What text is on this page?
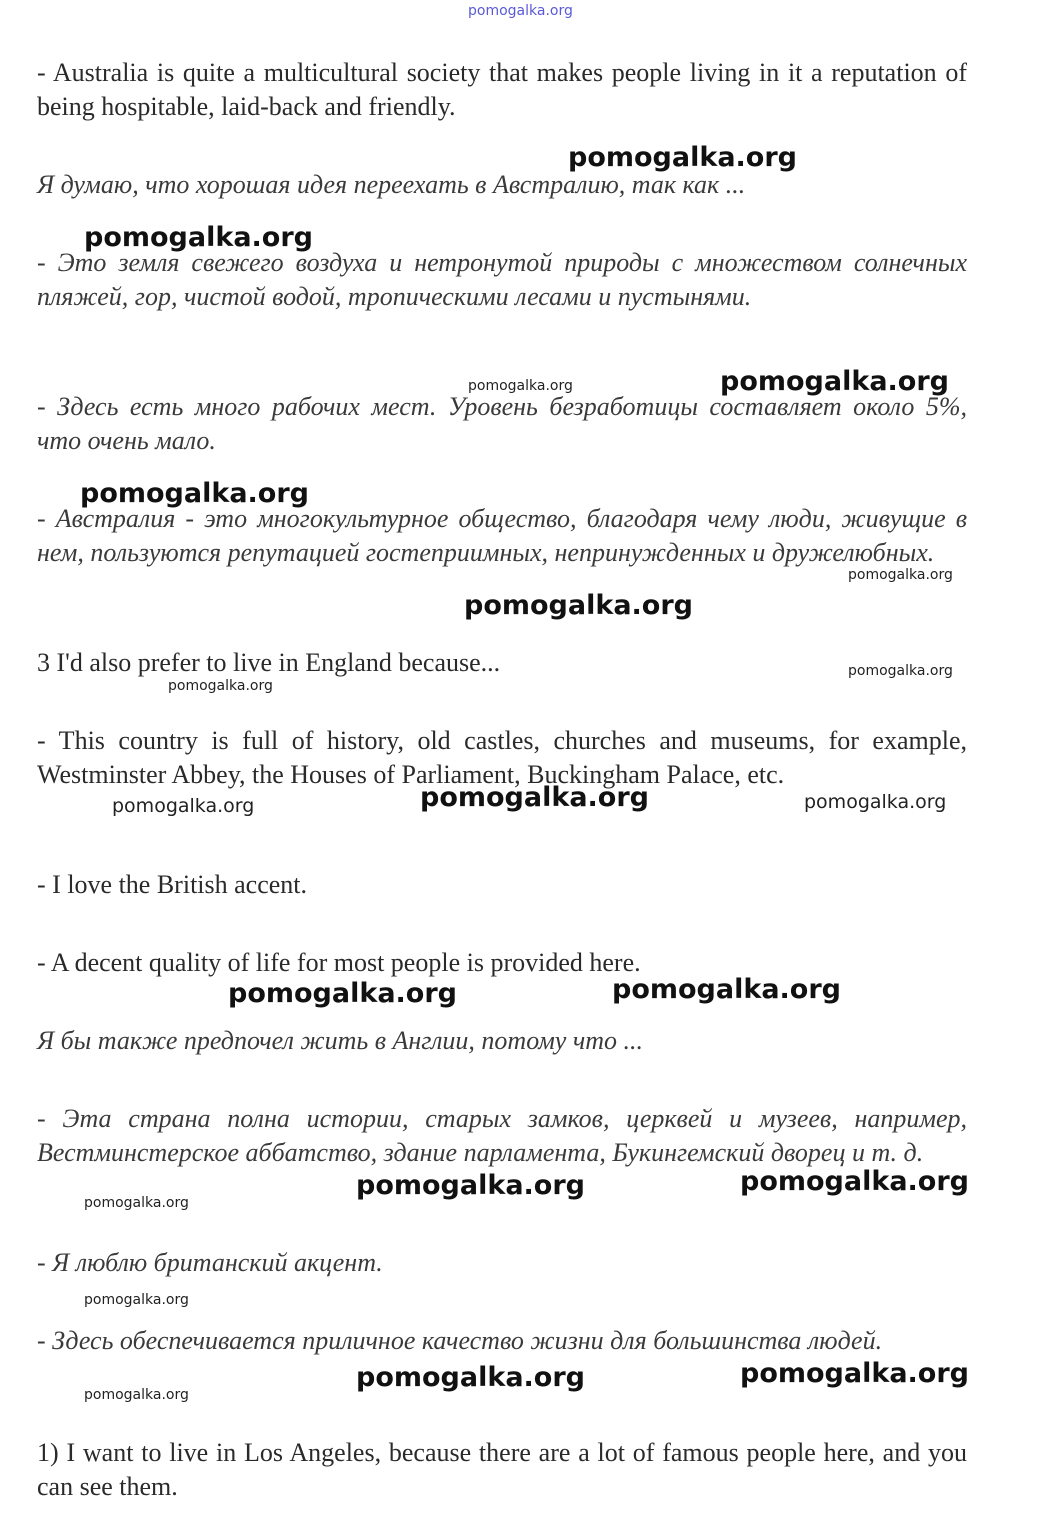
pomogalka.org

- Australia is quite a multicultural society that makes people living in it a reputation of being hospitable, laid-back and friendly.

Я думаю, что хорошая идея переехать в Австралию, так как ...

- Это земля свежего воздуха и нетронутой природы с множеством солнечных пляжей, гор, чистой водой, тропическими лесами и пустынями.

- Здесь есть много рабочих мест. Уровень безработицы составляет около 5%, что очень мало.

- Австралия - это многокультурное общество, благодаря чему люди, живущие в нем, пользуются репутацией гостеприимных, непринужденных и дружелюбных.

3 I'd also prefer to live in England because...

- This country is full of history, old castles, churches and museums, for example, Westminster Abbey, the Houses of Parliament, Buckingham Palace, etc.

- I love the British accent.

- A decent quality of life for most people is provided here.

Я бы также предпочел жить в Англии, потому что ...

- Эта страна полна истории, старых замков, церквей и музеев, например, Вестминстерское аббатство, здание парламента, Букингемский дворец и т. д.

- Я люблю британский акцент.

- Здесь обеспечивается приличное качество жизни для большинства людей.

1) I want to live in Los Angeles, because there are a lot of famous people here, and you can see them.

pomogalka.org
pomogalka.org
pomogalka.org	pomogalka.org
pomogalka.org
pomogalka.org
pomogalka.org
pomogalka.org
pomogalka.org
pomogalka.org	pomogalka.org	pomogalka.org
pomogalka.org	pomogalka.org
pomogalka.org	pomogalka.org
pomogalka.org
pomogalka.org
pomogalka.org	pomogalka.org
pomogalka.org
